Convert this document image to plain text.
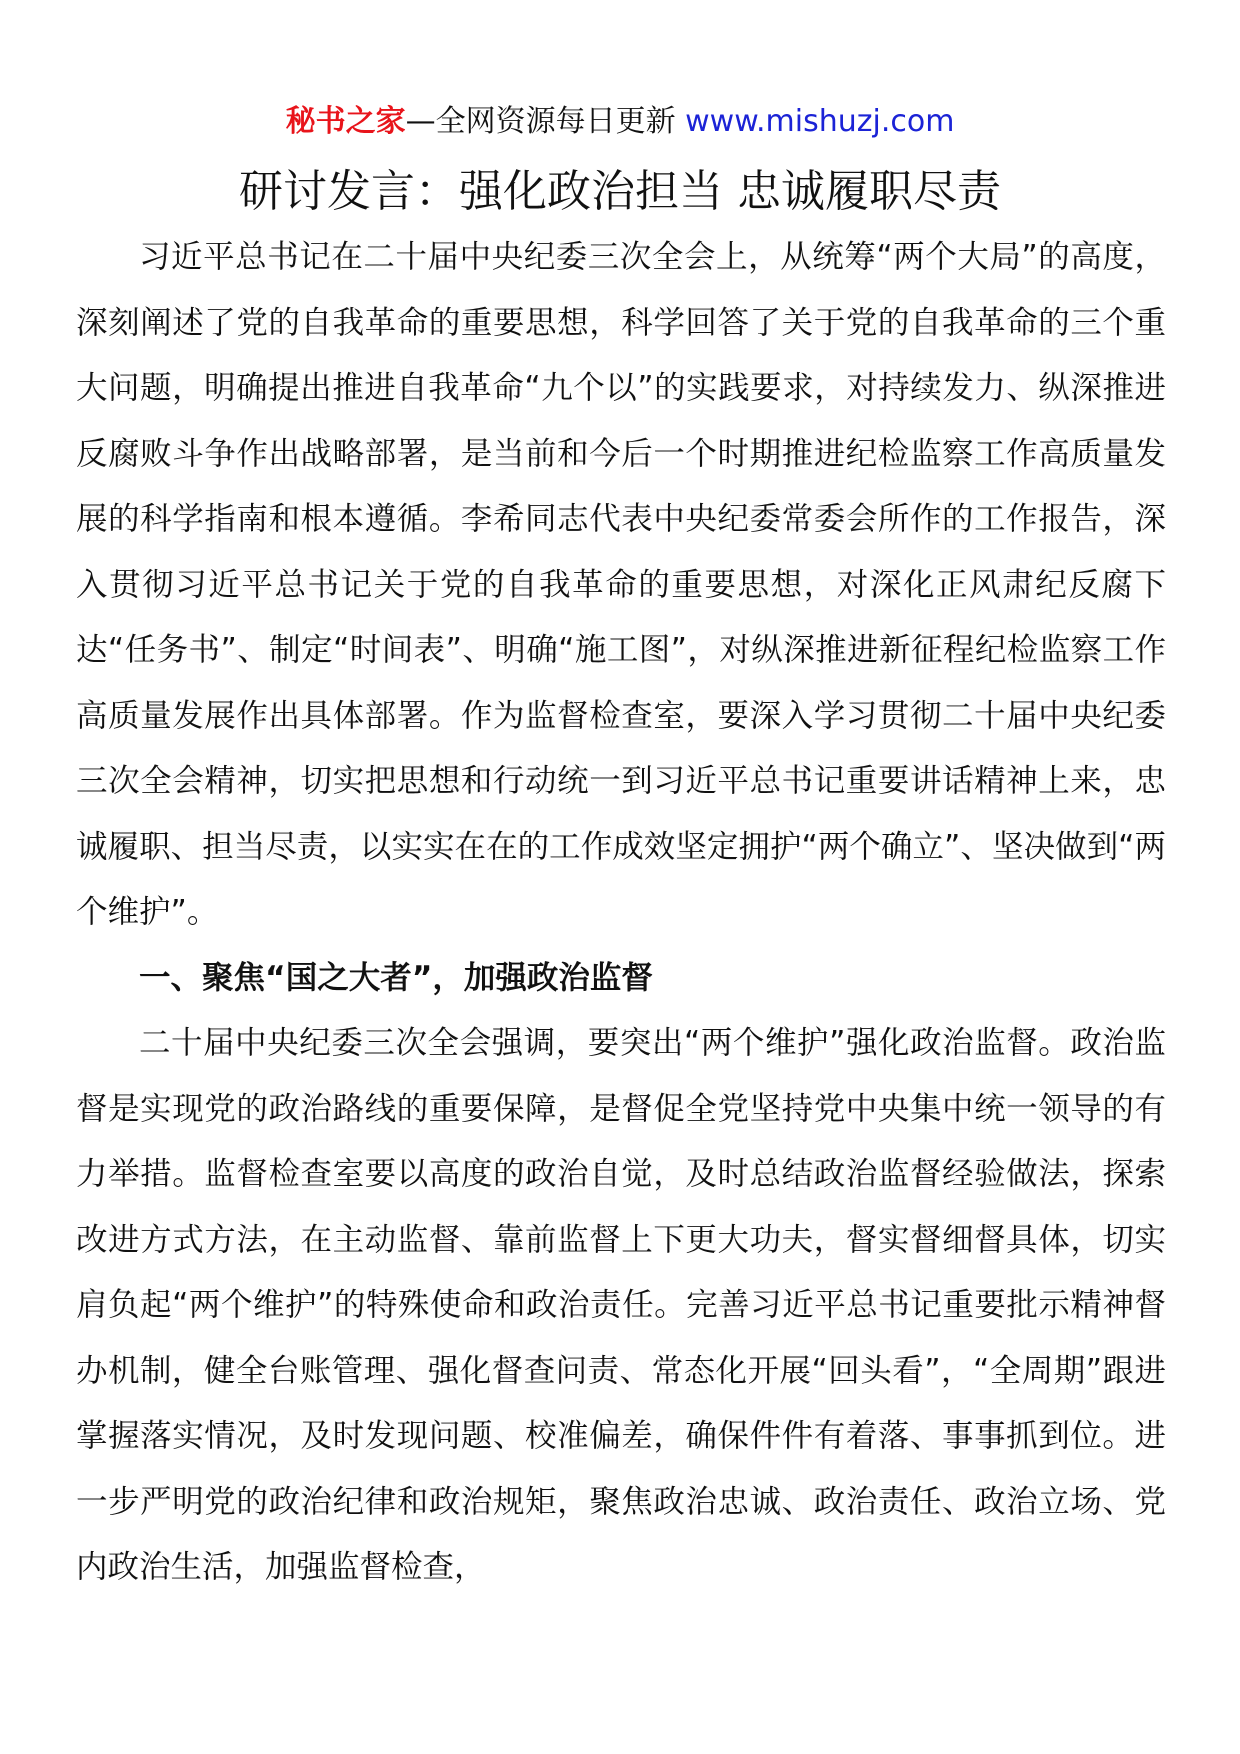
秘书之家—全网资源每日更新 www.mishuzj.com
研讨发言：强化政治担当 忠诚履职尽责

习近平总书记在二十届中央纪委三次全会上，从统筹“两个大局”的高度，深刻阐述了党的自我革命的重要思想，科学回答了关于党的自我革命的三个重大问题，明确提出推进自我革命“九个以”的实践要求，对持续发力、纵深推进反腐败斗争作出战略部署，是当前和今后一个时期推进纪检监察工作高质量发展的科学指南和根本遵循。李希同志代表中央纪委常委会所作的工作报告，深入贯彻习近平总书记关于党的自我革命的重要思想，对深化正风肃纪反腐下达“任务书”、制定“时间表”、明确“施工图”，对纵深推进新征程纪检监察工作高质量发展作出具体部署。作为监督检查室，要深入学习贯彻二十届中央纪委三次全会精神，切实把思想和行动统一到习近平总书记重要讲话精神上来，忠诚履职、担当尽责，以实实在在的工作成效坚定拥护“两个确立”、坚决做到“两个维护”。

一、聚焦“国之大者”，加强政治监督

二十届中央纪委三次全会强调，要突出“两个维护”强化政治监督。政治监督是实现党的政治路线的重要保障，是督促全党坚持党中央集中统一领导的有力举措。监督检查室要以高度的政治自觉，及时总结政治监督经验做法，探索改进方式方法，在主动监督、靠前监督上下更大功夫，督实督细督具体，切实肩负起“两个维护”的特殊使命和政治责任。完善习近平总书记重要批示精神督办机制，健全台账管理、强化督查问责、常态化开展“回头看”，“全周期”跟进掌握落实情况，及时发现问题、校准偏差，确保件件有着落、事事抓到位。进一步严明党的政治纪律和政治规矩，聚焦政治忠诚、政治责任、政治立场、党内政治生活，加强监督检查，
